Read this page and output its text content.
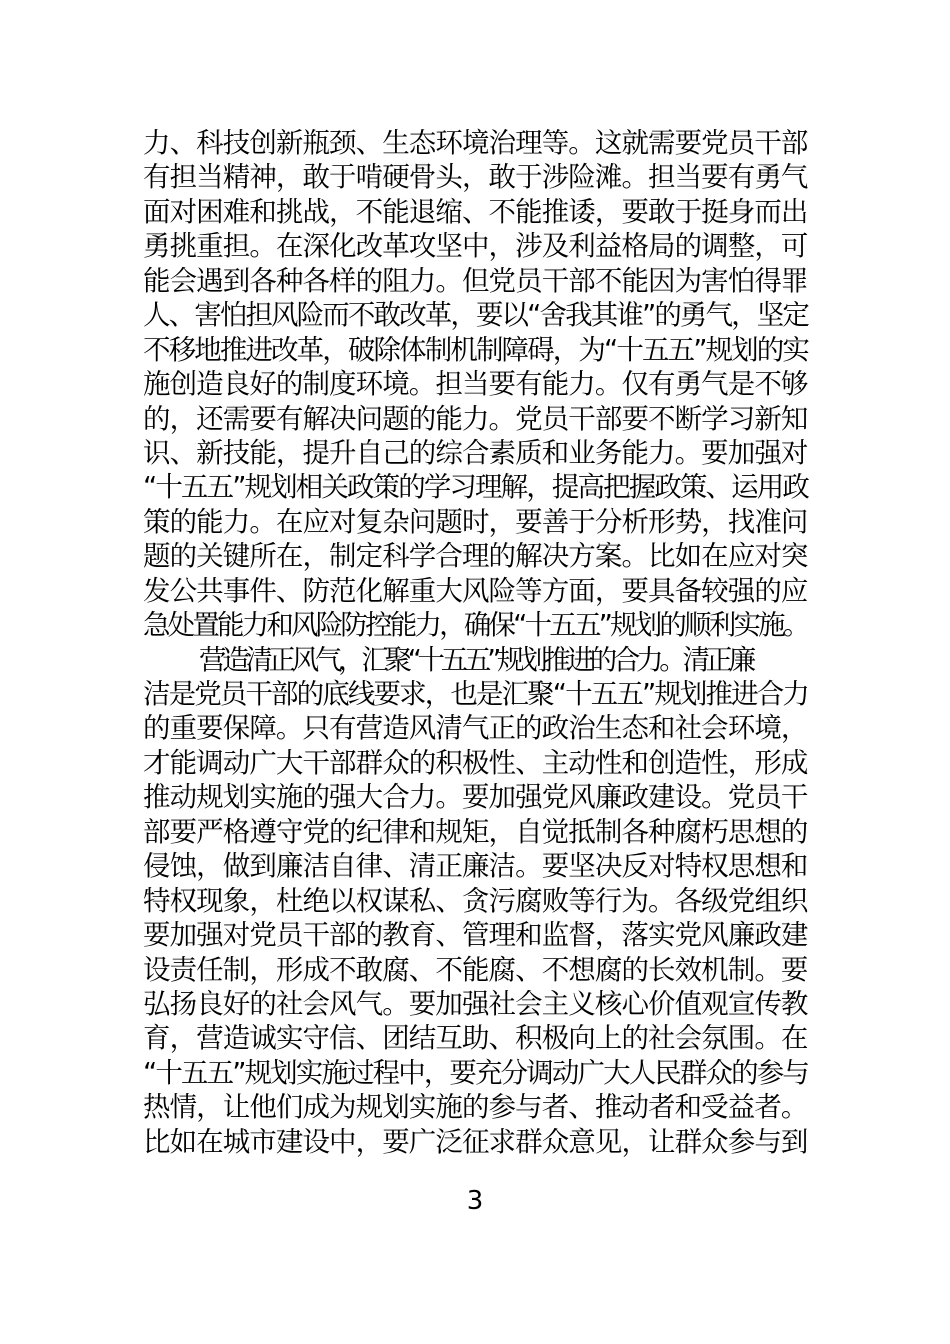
力、科技创新瓶颈、生态环境治理等。这就需要党员干部
有担当精神，敢于啃硬骨头，敢于涉险滩。担当要有勇气
面对困难和挑战，不能退缩、不能推诿，要敢于挺身而出
勇挑重担。在深化改革攻坚中，涉及利益格局的调整，可
能会遇到各种各样的阻力。但党员干部不能因为害怕得罪
人、害怕担风险而不敢改革，要以“舍我其谁”的勇气，坚定
不移地推进改革，破除体制机制障碍，为“十五五”规划的实
施创造良好的制度环境。担当要有能力。仅有勇气是不够
的，还需要有解决问题的能力。党员干部要不断学习新知
识、新技能，提升自己的综合素质和业务能力。要加强对
“十五五”规划相关政策的学习理解，提高把握政策、运用政
策的能力。在应对复杂问题时，要善于分析形势，找准问
题的关键所在，制定科学合理的解决方案。比如在应对突
发公共事件、防范化解重大风险等方面，要具备较强的应
急处置能力和风险防控能力，确保“十五五”规划的顺利实施。
营造清正风气，汇聚“十五五”规划推进的合力。清正廉
洁是党员干部的底线要求，也是汇聚“十五五”规划推进合力
的重要保障。只有营造风清气正的政治生态和社会环境，
才能调动广大干部群众的积极性、主动性和创造性，形成
推动规划实施的强大合力。要加强党风廉政建设。党员干
部要严格遵守党的纪律和规矩，自觉抵制各种腐朽思想的
侵蚀，做到廉洁自律、清正廉洁。要坚决反对特权思想和
特权现象，杜绝以权谋私、贪污腐败等行为。各级党组织
要加强对党员干部的教育、管理和监督，落实党风廉政建
设责任制，形成不敢腐、不能腐、不想腐的长效机制。要
弘扬良好的社会风气。要加强社会主义核心价值观宣传教
育，营造诚实守信、团结互助、积极向上的社会氛围。在
“十五五”规划实施过程中，要充分调动广大人民群众的参与
热情，让他们成为规划实施的参与者、推动者和受益者。
比如在城市建设中，要广泛征求群众意见，让群众参与到
3
